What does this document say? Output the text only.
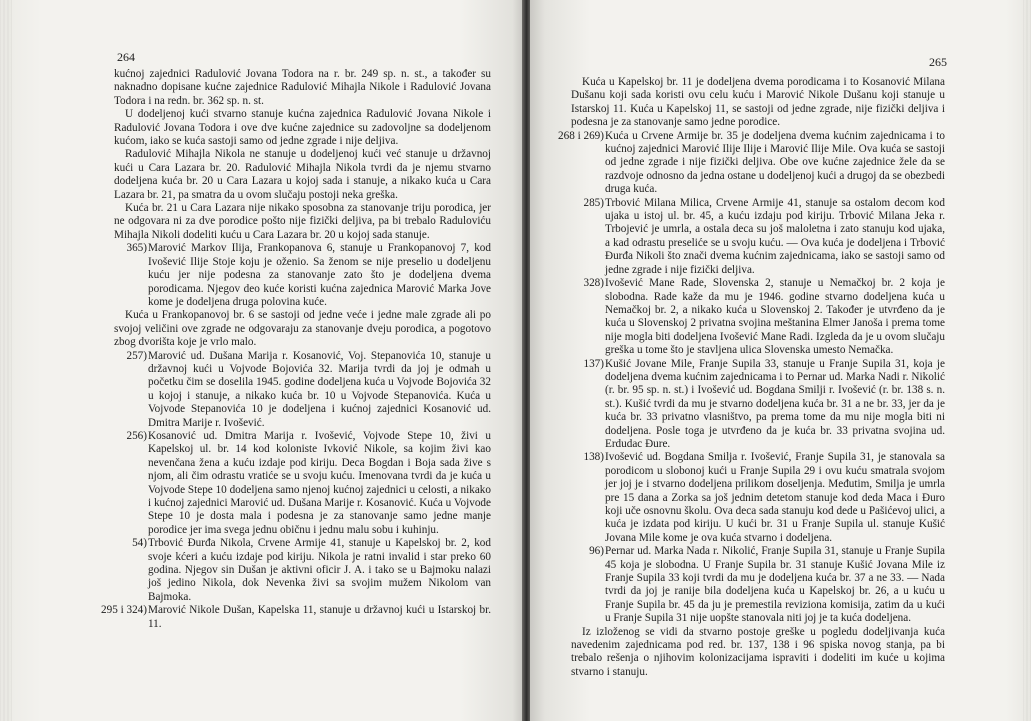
264

kućnoj zajednici Radulović Jovana Todora na r. br. 249 sp. n. st., a također su naknadno dopisane kućne zajednice Radulović Mihajla Nikole i Radulović Jovana Todora i na redn. br. 362 sp. n. st.

U dodeljenoj kući stvarno stanuje kućna zajednica Radulović Jovana Nikole i Radulović Jovana Todora i ove dve kućne zajednice su zadovoljne sa dodeljenom kućom, iako se kuća sastoji samo od jedne zgrade i nije deljiva.

Radulović Mihajla Nikola ne stanuje u dodeljenoj kući već stanuje u državnoj kući u Cara Lazara br. 20. Radulović Mihajla Nikola tvrdi da je njemu stvarno dodeljena kuća br. 20 u Cara Lazara u kojoj sada i stanuje, a nikako kuća u Cara Lazara br. 21, pa smatra da u ovom slučaju postoji neka greška.

Kuća br. 21 u Cara Lazara nije nikako sposobna za stanovanje triju porodica, jer ne odgovara ni za dve porodice pošto nije fizički deljiva, pa bi trebalo Raduloviću Mihajla Nikoli dodeliti kuću u Cara Lazara br. 20 u kojoj sada stanuje.

365) Marović Markov Ilija, Frankopanova 6, stanuje u Frankopanovoj 7, kod Ivošević Ilije Stoje koju je oženio. Sa ženom se nije preselio u dodeljenu kuću jer nije podesna za stanovanje zato što je dodeljena dvema porodicama. Njegov deo kuće koristi kućna zajednica Marović Marka Jove kome je dodeljena druga polovina kuće.

Kuća u Frankopanovoj br. 6 se sastoji od jedne veće i jedne male zgrade ali po svojoj veličini ove zgrade ne odgovaraju za stanovanje dveju porodica, a pogotovo zbog dvorišta koje je vrlo malo.

257) Marović ud. Dušana Marija r. Kosanović, Voj. Stepanovića 10, stanuje u državnoj kući u Vojvode Bojovića 32. Marija tvrdi da joj je odmah u početku čim se doselila 1945. godine dodeljena kuća u Vojvode Bojovića 32 u kojoj i stanuje, a nikako kuća br. 10 u Vojvode Stepanovića. Kuća u Vojvode Stepanovića 10 je dodeljena i kućnoj zajednici Kosanović ud. Dmitra Marije r. Ivošević.

256) Kosanović ud. Dmitra Marija r. Ivošević, Vojvode Stepe 10, živi u Kapelskoj ul. br. 14 kod koloniste Ivković Nikole, sa kojim živi kao nevenčana žena a kuću izdaje pod kiriju. Deca Bogdan i Boja sada žive s njom, ali čim odrastu vratiće se u svoju kuću. Imenovana tvrdi da je kuća u Vojvode Stepe 10 dodeljena samo njenoj kućnoj zajednici u celosti, a nikako i kućnoj zajednici Marović ud. Dušana Marije r. Kosanović. Kuća u Vojvode Stepe 10 je dosta mala i podesna je za stanovanje samo jedne manje porodice jer ima svega jednu običnu i jednu malu sobu i kuhinju.

54) Trbović Đurđa Nikola, Crvene Armije 41, stanuje u Kapelskoj br. 2, kod svoje kćeri a kuću izdaje pod kiriju. Nikola je ratni invalid i star preko 60 godina. Njegov sin Dušan je aktivni oficir J. A. i tako se u Bajmoku nalazi još jedino Nikola, dok Nevenka živi sa svojim mužem Nikolom van Bajmoka.

295 i 324) Marović Nikole Dušan, Kapelska 11, stanuje u državnoj kući u Istarskoj br. 11.

265

Kuća u Kapelskoj br. 11 je dodeljena dvema porodicama i to Kosanović Milana Dušanu koji sada koristi ovu celu kuću i Marović Nikole Dušanu koji stanuje u Istarskoj 11. Kuća u Kapelskoj 11, se sastoji od jedne zgrade, nije fizički deljiva i podesna je za stanovanje samo jedne porodice.

268 i 269) Kuća u Crvene Armije br. 35 je dodeljena dvema kućnim zajednicama i to kućnoj zajednici Marović Ilije Ilije i Marović Ilije Mile. Ova kuća se sastoji od jedne zgrade i nije fizički deljiva. Obe ove kućne zajednice žele da se razdvoje odnosno da jedna ostane u dodeljenoj kući a drugoj da se obezbedi druga kuća.

285) Trbović Milana Milica, Crvene Armije 41, stanuje sa ostalom decom kod ujaka u istoj ul. br. 45, a kuću izdaju pod kiriju. Trbović Milana Jeka r. Trbojević je umrla, a ostala deca su još maloletna i zato stanuju kod ujaka, a kad odrastu preseliće se u svoju kuću. — Ova kuća je dodeljena i Trbović Đurđa Nikoli što znači dvema kućnim zajednicama, iako se sastoji samo od jedne zgrade i nije fizički deljiva.

328) Ivošević Mane Rade, Slovenska 2, stanuje u Nemačkoj br. 2 koja je slobodna. Rade kaže da mu je 1946. godine stvarno dodeljena kuća u Nemačkoj br. 2, a nikako kuća u Slovenskoj 2. Također je utvrđeno da je kuća u Slovenskoj 2 privatna svojina meštanina Elmer Janoša i prema tome nije mogla biti dodeljena Ivošević Mane Radi. Izgleda da je u ovom slučaju greška u tome što je stavljena ulica Slovenska umesto Nemačka.

137) Kušić Jovane Mile, Franje Supila 33, stanuje u Franje Supila 31, koja je dodeljena dvema kućnim zajednicama i to Pernar ud. Marka Nadi r. Nikolić (r. br. 95 sp. n. st.) i Ivošević ud. Bogdana Smilji r. Ivošević (r. br. 138 s. n. st.). Kušić tvrdi da mu je stvarno dodeljena kuća br. 31 a ne br. 33, jer da je kuća br. 33 privatno vlasništvo, pa prema tome da mu nije mogla biti ni dodeljena. Posle toga je utvrđeno da je kuća br. 33 privatna svojina ud. Erdudac Đure.

138) Ivošević ud. Bogdana Smilja r. Ivošević, Franje Supila 31, je stanovala sa porodicom u slobonoj kući u Franje Supila 29 i ovu kuću smatrala svojom jer joj je i stvarno dodeljena prilikom doseljenja. Međutim, Smilja je umrla pre 15 dana a Zorka sa još jednim detetom stanuje kod deda Maca i Đuro koji uče osnovnu školu. Ova deca sada stanuju kod dede u Pašićevoj ulici, a kuća je izdata pod kiriju. U kući br. 31 u Franje Supila ul. stanuje Kušić Jovana Mile kome je ova kuća stvarno i dodeljena.

96) Pernar ud. Marka Nada r. Nikolić, Franje Supila 31, stanuje u Franje Supila 45 koja je slobodna. U Franje Supila br. 31 stanuje Kušić Jovana Mile iz Franje Supila 33 koji tvrdi da mu je dodeljena kuća br. 37 a ne 33. — Nada tvrdi da joj je ranije bila dodeljena kuća u Kapelskoj br. 26, a u kuću u Franje Supila br. 45 da ju je premestila reviziona komisija, zatim da u kući u Franje Supila 31 nije uopšte stanovala niti joj je ta kuća dodeljena.

Iz izloženog se vidi da stvarno postoje greške u pogledu dodeljivanja kuća navedenim zajednicama pod red. br. 137, 138 i 96 spiska novog stanja, pa bi trebalo rešenja o njihovim kolonizacijama ispraviti i dodeliti im kuće u kojima stvarno i stanuju.
